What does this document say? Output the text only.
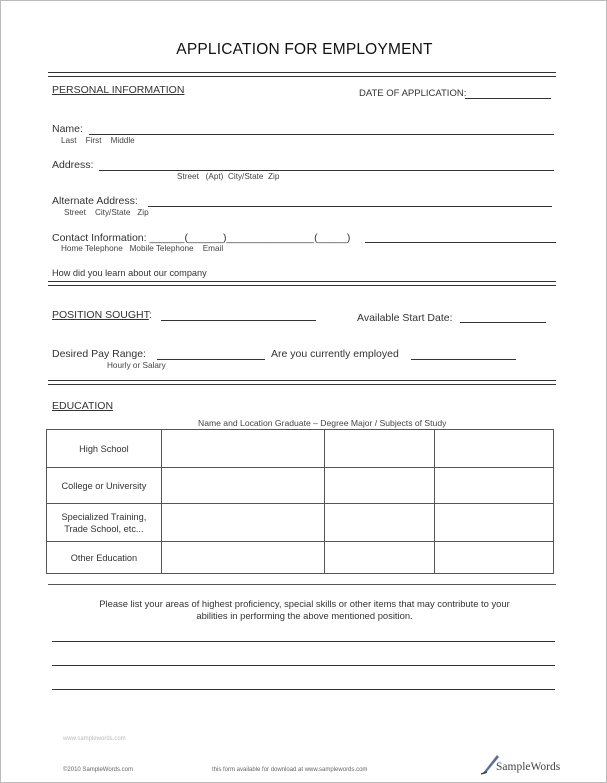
APPLICATION FOR EMPLOYMENT
PERSONAL INFORMATION	DATE OF APPLICATION:
Name:
Last    First    Middle
Address:
Street   (Apt)  City/State  Zip
Alternate Address:
Street    City/State   Zip
Contact Information: ______(______)_______________(_____)
Home Telephone   Mobile Telephone    Email
How did you learn about our company
POSITION SOUGHT:	Available Start Date:
Desired Pay Range:
Hourly or Salary
Are you currently employed
EDUCATION
Name and Location Graduate – Degree Major / Subjects of Study
High School			
College or University			
Specialized Training,
Trade School, etc...			
Other Education			
Please list your areas of highest proficiency, special skills or other items that may contribute to your
abilities in performing the above mentioned position.
www.samplewords.com
©2010 SampleWords.com	this form available for download at www.samplewords.com	SampleWords
